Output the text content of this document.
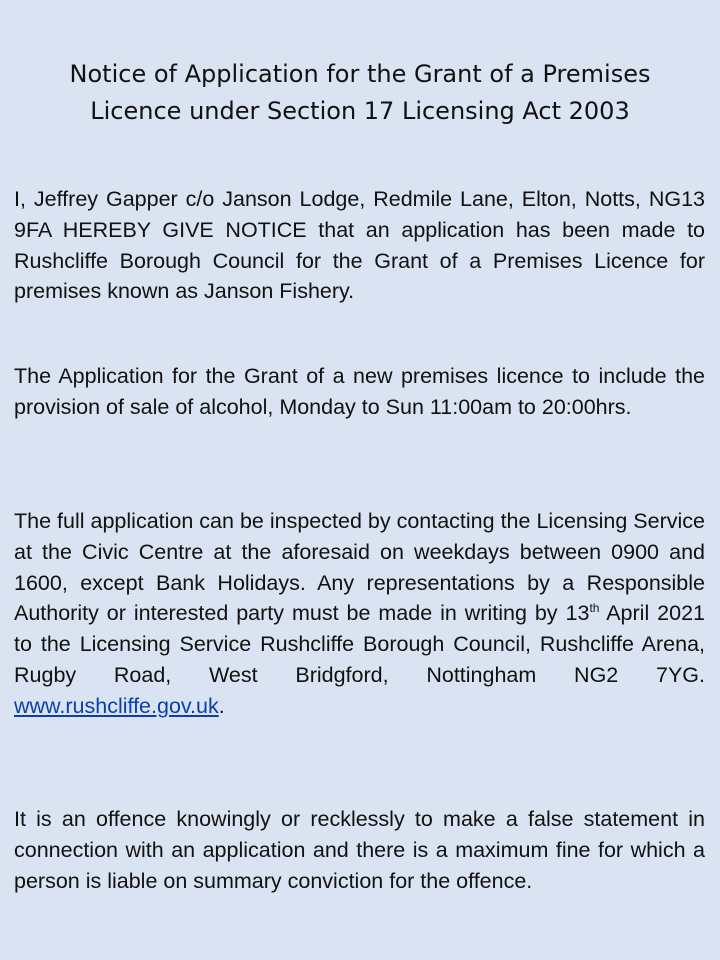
Notice of Application for the Grant of a Premises
Licence under Section 17 Licensing Act 2003
I, Jeffrey Gapper c/o Janson Lodge, Redmile Lane, Elton, Notts, NG13 9FA HEREBY GIVE NOTICE that an application has been made to Rushcliffe Borough Council for the Grant of a Premises Licence for premises known as Janson Fishery.
The Application for the Grant of a new premises licence to include the provision of sale of alcohol, Monday to Sun 11:00am to 20:00hrs.
The full application can be inspected by contacting the Licensing Service at the Civic Centre at the aforesaid on weekdays between 0900 and 1600, except Bank Holidays. Any representations by a Responsible Authority or interested party must be made in writing by 13th April 2021 to the Licensing Service Rushcliffe Borough Council, Rushcliffe Arena, Rugby Road, West Bridgford, Nottingham NG2 7YG. www.rushcliffe.gov.uk.
It is an offence knowingly or recklessly to make a false statement in connection with an application and there is a maximum fine for which a person is liable on summary conviction for the offence.
